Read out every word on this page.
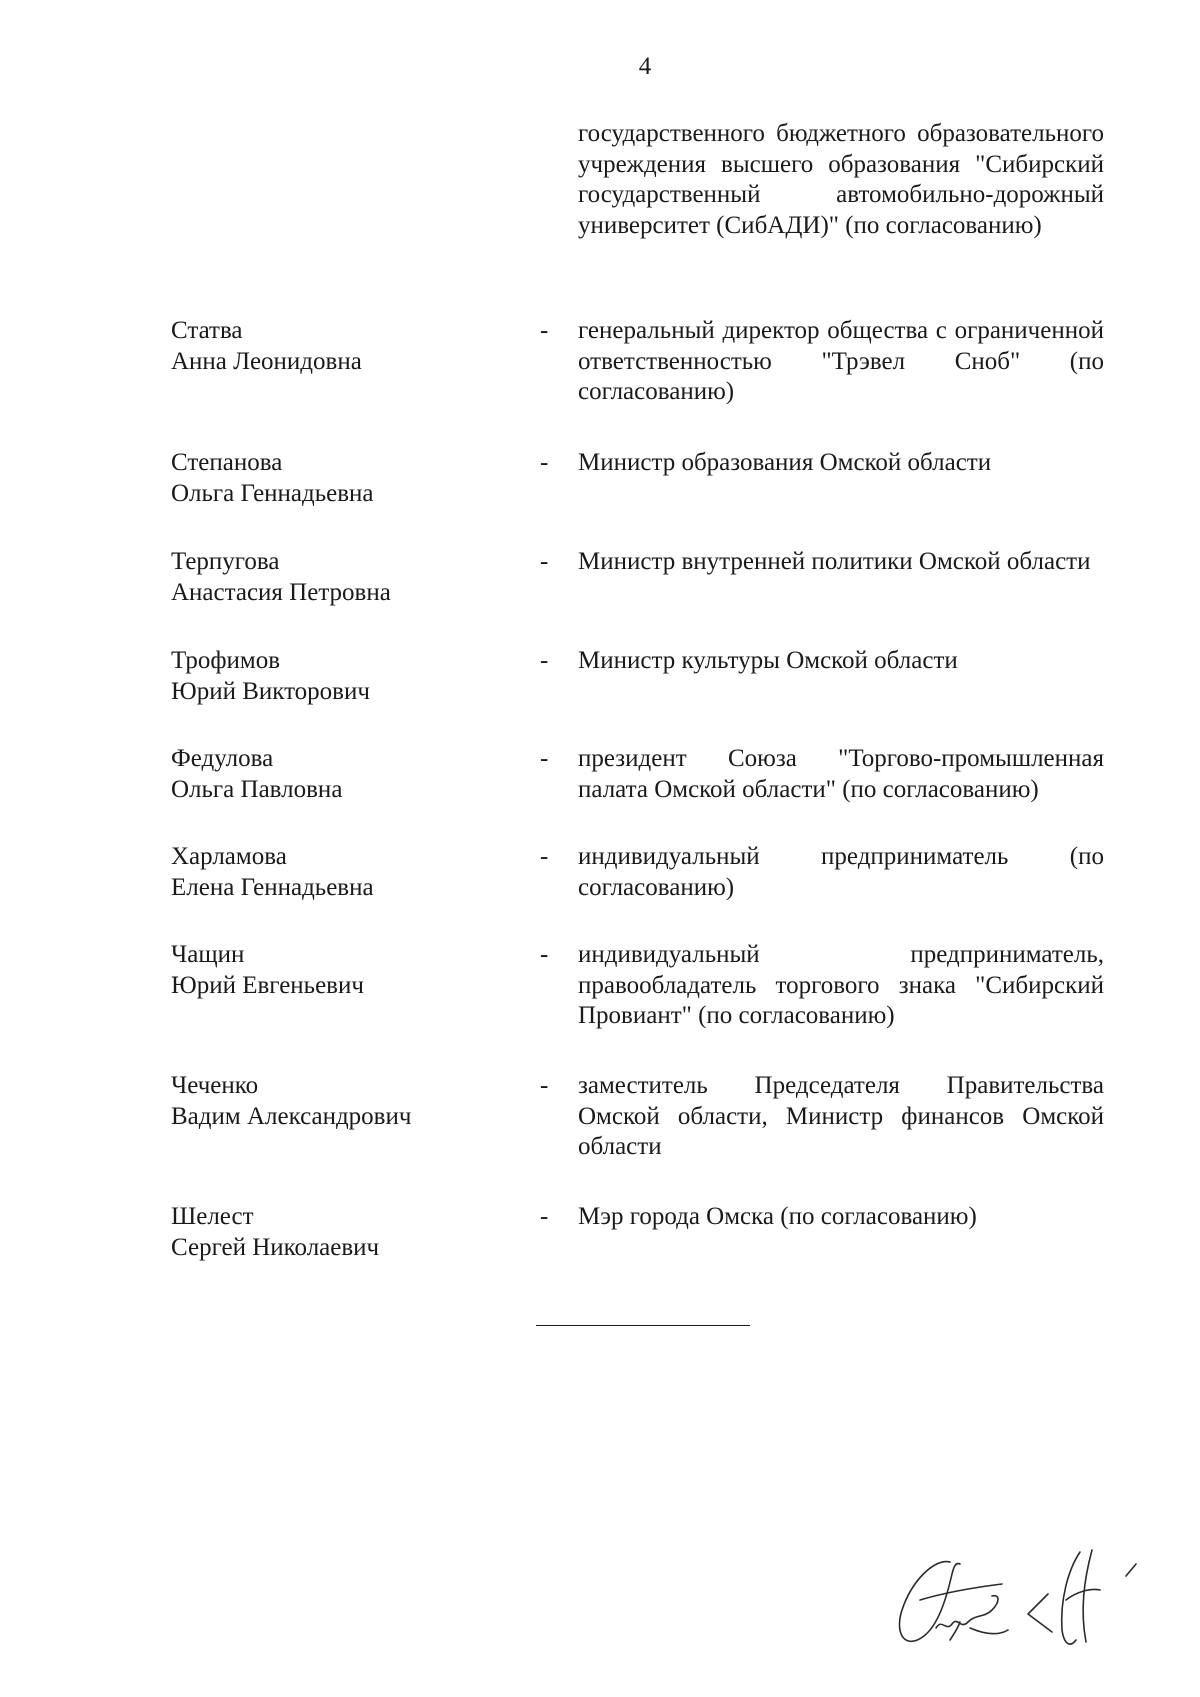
4
государственного бюджетного образовательного учреждения высшего образования "Сибирский государственный автомобильно-дорожный университет (СибАДИ)" (по согласованию)
Статва
Анна Леонидовна
- генеральный директор общества с ограниченной ответственностью "Трэвел Сноб" (по согласованию)
Степанова
Ольга Геннадьевна
- Министр образования Омской области
Терпугова
Анастасия Петровна
- Министр внутренней политики Омской области
Трофимов
Юрий Викторович
- Министр культуры Омской области
Федулова
Ольга Павловна
- президент Союза "Торгово-промышленная палата Омской области" (по согласованию)
Харламова
Елена Геннадьевна
- индивидуальный предприниматель (по согласованию)
Чащин
Юрий Евгеньевич
- индивидуальный предприниматель, правообладатель торгового знака "Сибирский Провиант" (по согласованию)
Чеченко
Вадим Александрович
- заместитель Председателя Правительства Омской области, Министр финансов Омской области
Шелест
Сергей Николаевич
- Мэр города Омска (по согласованию)
